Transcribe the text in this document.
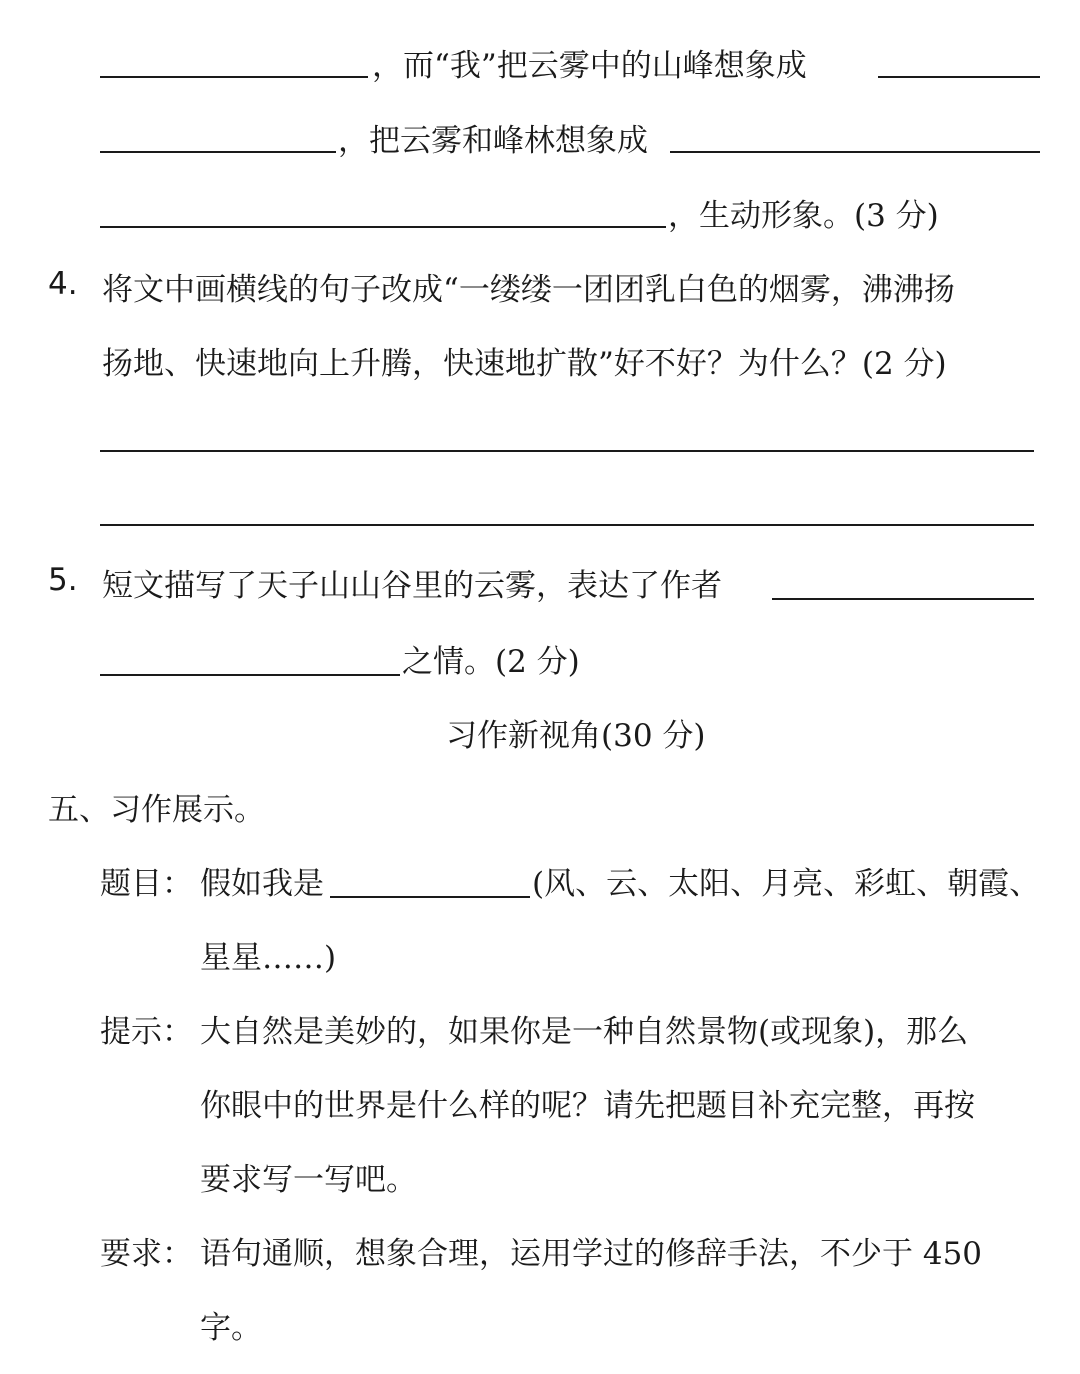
，而“我”把云雾中的山峰想象成
，把云雾和峰林想象成
，生动形象。(3 分)
4. 将文中画横线的句子改成“一缕缕一团团乳白色的烟雾，沸沸扬
扬地、快速地向上升腾，快速地扩散”好不好？为什么？(2 分)
5. 短文描写了天子山山谷里的云雾，表达了作者
之情。(2 分)
习作新视角(30 分)
五、习作展示。
题目： 假如我是	(风、云、太阳、月亮、彩虹、朝霞、
星星……)
提示： 大自然是美妙的，如果你是一种自然景物(或现象)，那么
你眼中的世界是什么样的呢？请先把题目补充完整，再按
要求写一写吧。
要求： 语句通顺，想象合理，运用学过的修辞手法，不少于 450
字。
